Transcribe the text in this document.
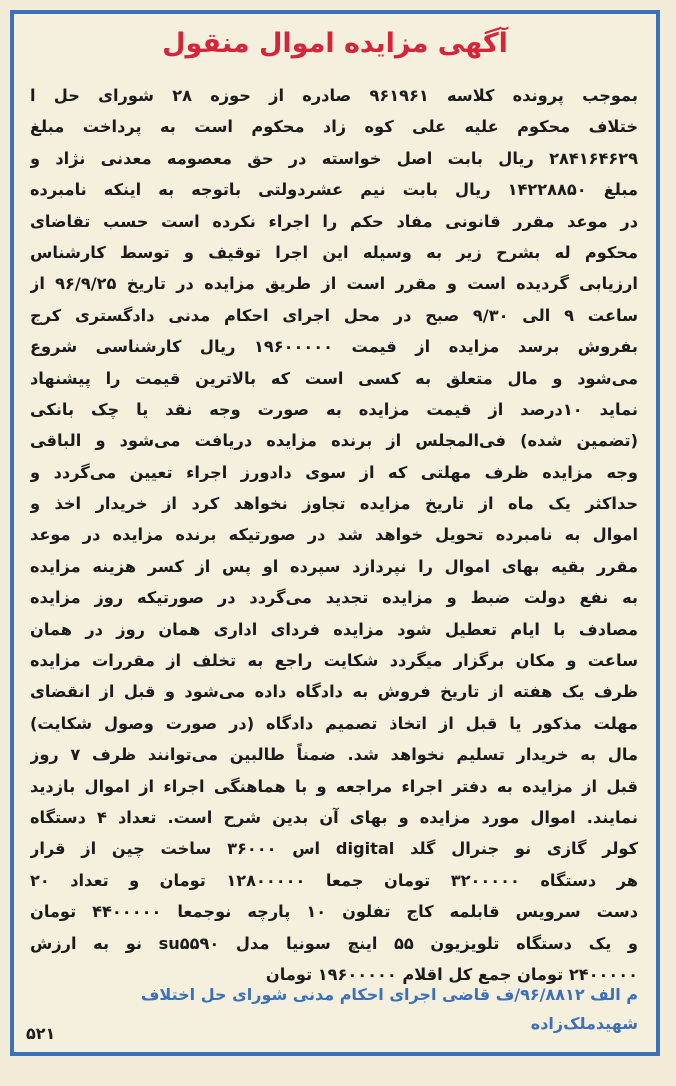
آگهی مزایده اموال منقول
بموجب پرونده کلاسه ۹۶۱۹۶۱ صادره از حوزه ۲۸ شورای حل ا
ختلاف محکوم علیه علی کوه زاد محکوم است به پرداخت مبلغ
۲۸۴۱۶۴۶۲۹ ریال بابت اصل خواسته در حق معصومه معدنی نژاد و
مبلغ ۱۴۲۲۸۸۵۰ ریال بابت نیم عشردولتی باتوجه به اینکه نامبرده
در موعد مقرر قانونی مفاد حکم را اجراء نکرده است حسب تقاضای
محکوم له بشرح زیر به وسیله این اجرا توقیف و توسط کارشناس
ارزیابی گردیده است و مقرر است از طریق مزایده در تاریخ ۹۶/۹/۲۵ از
ساعت ۹ الی ۹/۳۰ صبح در محل اجرای احکام مدنی دادگستری کرج
بفروش برسد مزایده از قیمت ۱۹۶۰۰۰۰۰ ریال کارشناسی شروع
می‌شود و مال متعلق به کسی است که بالاترین قیمت را پیشنهاد
نماید ۱۰درصد از قیمت مزایده به صورت وجه نقد یا چک بانکی
(تضمین شده) فی‌المجلس از برنده مزایده دریافت می‌شود و الباقی
وجه مزایده ظرف مهلتی که از سوی دادورز اجراء تعیین می‌گردد و
حداکثر یک ماه از تاریخ مزایده تجاوز نخواهد کرد از خریدار اخذ و
اموال به نامبرده تحویل خواهد شد در صورتیکه برنده مزایده در موعد
مقرر بقیه بهای اموال را نپردازد سپرده او پس از کسر هزینه مزایده
به نفع دولت ضبط و مزایده تجدید می‌گردد در صورتیکه روز مزایده
مصادف با ایام تعطیل شود مزایده فردای اداری همان روز در همان
ساعت و مکان برگزار میگردد شکایت راجع به تخلف از مقررات مزایده
ظرف یک هفته از تاریخ فروش به دادگاه داده می‌شود و قبل از انقضای
مهلت مذکور یا قبل از اتخاذ تصمیم دادگاه (در صورت وصول شکایت)
مال به خریدار تسلیم نخواهد شد. ضمناً طالبین می‌توانند ظرف ۷ روز
قبل از مزایده به دفتر اجراء مراجعه و با هماهنگی اجراء از اموال بازدید
نمایند. اموال مورد مزایده و بهای آن بدین شرح است. تعداد ۴ دستگاه
کولر گازی نو جنرال گلد digital اس ۳۶۰۰۰ ساخت چین از قرار
هر دستگاه ۳۲۰۰۰۰۰ تومان جمعا ۱۲۸۰۰۰۰۰ تومان و تعداد ۲۰
دست سرویس قابلمه کاج تفلون ۱۰ پارچه نوجمعا ۴۴۰۰۰۰۰ تومان
و یک دستگاه تلویزیون ۵۵ اینچ سونیا مدل su۵۵۹۰ نو به ارزش
۲۴۰۰۰۰۰ تومان جمع کل اقلام ۱۹۶۰۰۰۰۰ تومان
م الف ۹۶/۸۸۱۲/ف قاضی اجرای احکام مدنی شورای حل اختلاف
شهیدملک‌زاده
۵۲۱
